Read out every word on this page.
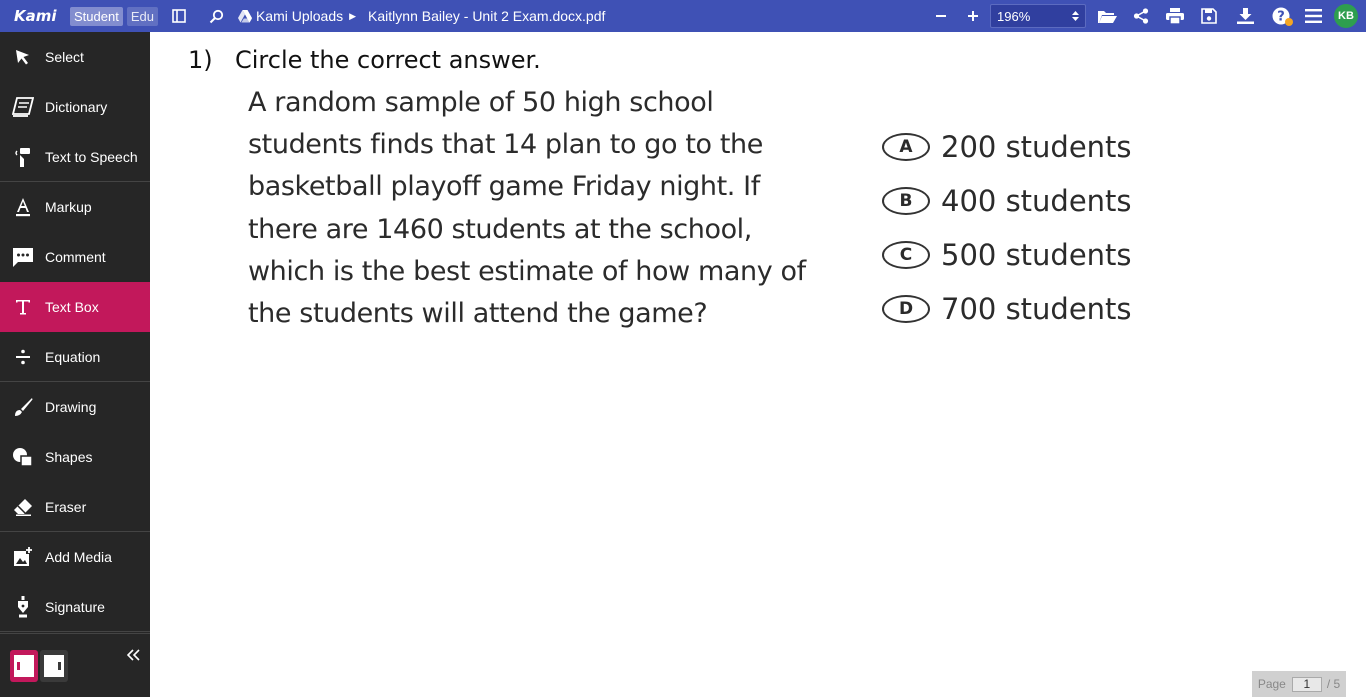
Kami	Student Edu	Kami Uploads ▶ Kaitlynn Bailey - Unit 2 Exam.docx.pdf	196%	?	KB
Select
Dictionary
Text to Speech
Markup
Comment
Text Box
Equation
Drawing
Shapes
Eraser
Add Media
Signature
1) Circle the correct answer.
A random sample of 50 high school
students finds that 14 plan to go to the
basketball playoff game Friday night. If
there are 1460 students at the school,
which is the best estimate of how many of
the students will attend the game?
A 200 students
B 400 students
C 500 students
D 700 students
Page	1	/ 5
